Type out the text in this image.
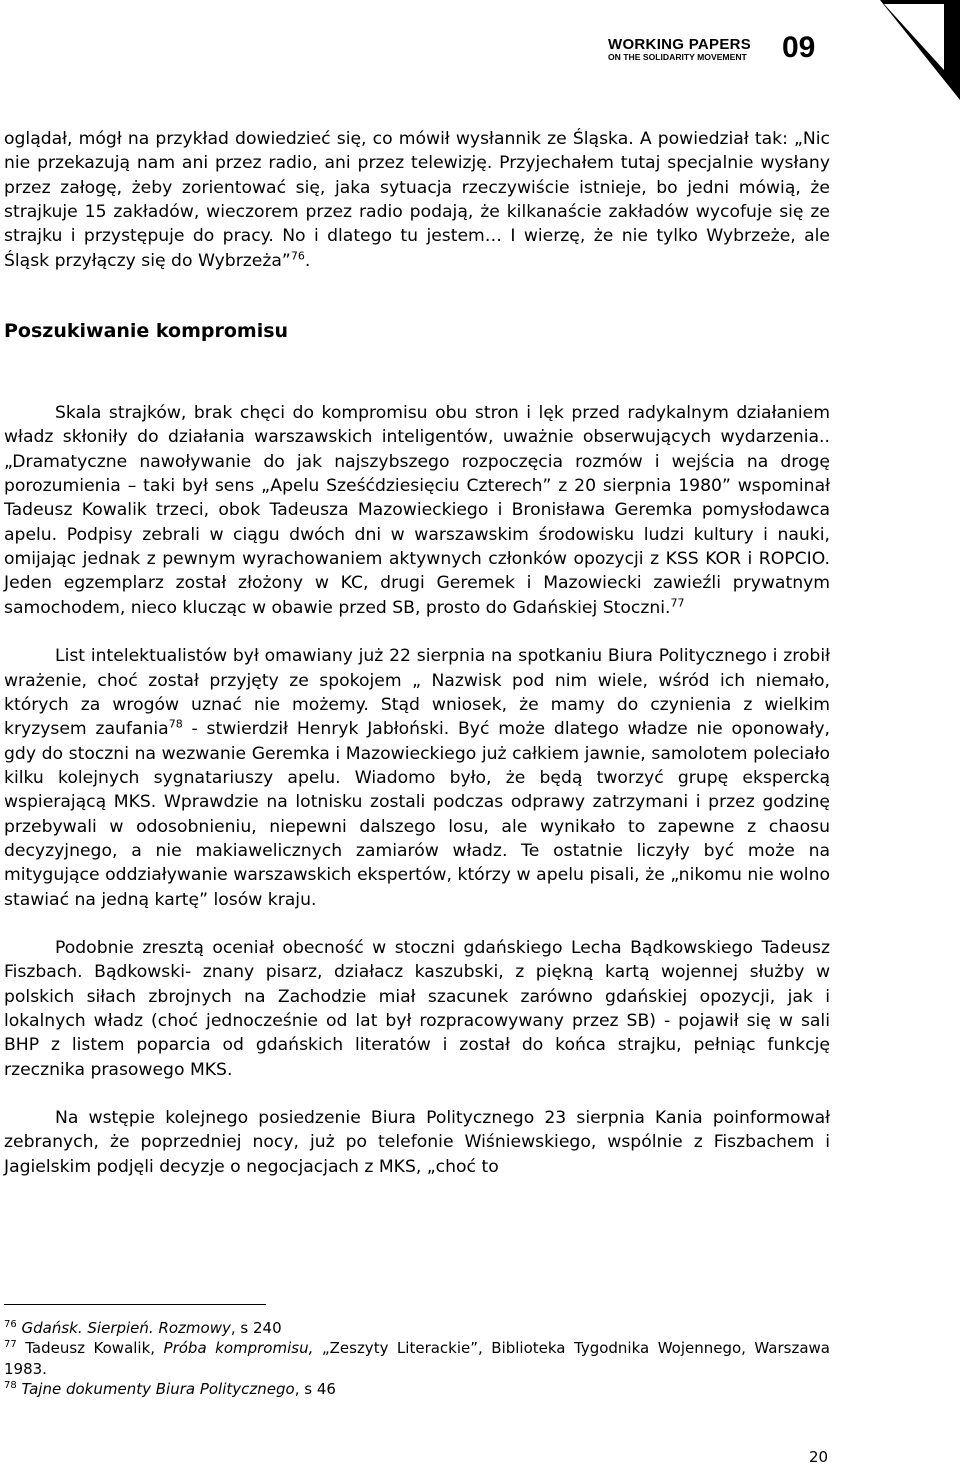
WORKING PAPERS
ON THE SOLIDARITY MOVEMENT	09

oglądał, mógł na przykład dowiedzieć się, co mówił wysłannik ze Śląska. A powiedział tak: „Nic nie przekazują nam ani przez radio, ani przez telewizję. Przyjechałem tutaj specjalnie wysłany przez załogę, żeby zorientować się, jaka sytuacja rzeczywiście istnieje, bo jedni mówią, że strajkuje 15 zakładów, wieczorem przez radio podają, że kilkanaście zakładów wycofuje się ze strajku i przystępuje do pracy. No i dlatego tu jestem… I wierzę, że nie tylko Wybrzeże, ale Śląsk przyłączy się do Wybrzeża”$^{76}$.

Poszukiwanie kompromisu

Skala strajków, brak chęci do kompromisu obu stron i lęk przed radykalnym działaniem władz skłoniły do działania warszawskich inteligentów, uważnie obserwujących wydarzenia.. „Dramatyczne nawoływanie do jak najszybszego rozpoczęcia rozmów i wejścia na drogę porozumienia – taki był sens „Apelu Sześćdziesięciu Czterech” z 20 sierpnia 1980” wspominał Tadeusz Kowalik trzeci, obok Tadeusza Mazowieckiego i Bronisława Geremka pomysłodawca apelu. Podpisy zebrali w ciągu dwóch dni w warszawskim środowisku ludzi kultury i nauki, omijając jednak z pewnym wyrachowaniem aktywnych członków opozycji z KSS KOR i ROPCIO. Jeden egzemplarz został złożony w KC, drugi Geremek i Mazowiecki zawieźli prywatnym samochodem, nieco klucząc w obawie przed SB, prosto do Gdańskiej Stoczni.$^{77}$

List intelektualistów był omawiany już 22 sierpnia na spotkaniu Biura Politycznego i zrobił wrażenie, choć został przyjęty ze spokojem „ Nazwisk pod nim wiele, wśród ich niemało, których za wrogów uznać nie możemy. Stąd wniosek, że mamy do czynienia z wielkim kryzysem zaufania$^{78}$ - stwierdził Henryk Jabłoński. Być może dlatego władze nie oponowały, gdy do stoczni na wezwanie Geremka i Mazowieckiego już całkiem jawnie, samolotem poleciało kilku kolejnych sygnatariuszy apelu. Wiadomo było, że będą tworzyć grupę ekspercką wspierającą MKS. Wprawdzie na lotnisku zostali podczas odprawy zatrzymani i przez godzinę przebywali w odosobnieniu, niepewni dalszego losu, ale wynikało to zapewne z chaosu decyzyjnego, a nie makiawelicznych zamiarów władz. Te ostatnie liczyły być może na mitygujące oddziaływanie warszawskich ekspertów, którzy w apelu pisali, że „nikomu nie wolno stawiać na jedną kartę” losów kraju.

Podobnie zresztą oceniał obecność w stoczni gdańskiego Lecha Bądkowskiego Tadeusz Fiszbach. Bądkowski- znany pisarz, działacz kaszubski, z piękną kartą wojennej służby w polskich siłach zbrojnych na Zachodzie miał szacunek zarówno gdańskiej opozycji, jak i lokalnych władz (choć jednocześnie od lat był rozpracowywany przez SB) - pojawił się w sali BHP z listem poparcia od gdańskich literatów i został do końca strajku, pełniąc funkcję rzecznika prasowego MKS.

Na wstępie kolejnego posiedzenie Biura Politycznego 23 sierpnia Kania poinformował zebranych, że poprzedniej nocy, już po telefonie Wiśniewskiego, wspólnie z Fiszbachem i Jagielskim podjęli decyzje o negocjacjach z MKS, „choć to

$^{76}$ Gdańsk. Sierpień. Rozmowy, s 240

$^{77}$ Tadeusz Kowalik, Próba kompromisu, „Zeszyty Literackie”, Biblioteka Tygodnika Wojennego, Warszawa 1983.

$^{78}$ Tajne dokumenty Biura Politycznego, s 46

20
